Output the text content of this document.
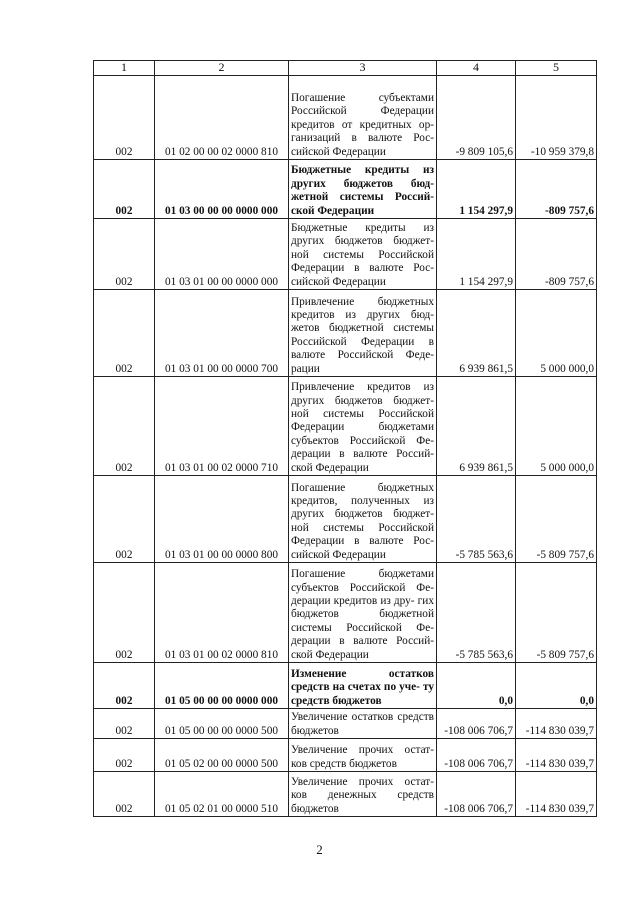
1	2	3	4	5
002	01 02 00 00 02 0000 810	Погашение субъектами Российской Федерации кредитов от кредитных ор- ганизаций в валюте Рос- сийской Федерации	-9 809 105,6	-10 959 379,8
002	01 03 00 00 00 0000 000	Бюджетные кредиты из других бюджетов бюд- жетной системы Россий- ской Федерации	1 154 297,9	-809 757,6
002	01 03 01 00 00 0000 000	Бюджетные кредиты из других бюджетов бюджет- ной системы Российской Федерации в валюте Рос- сийской Федерации	1 154 297,9	-809 757,6
002	01 03 01 00 00 0000 700	Привлечение бюджетных кредитов из других бюд- жетов бюджетной системы Российской Федерации в валюте Российской Феде- рации	6 939 861,5	5 000 000,0
002	01 03 01 00 02 0000 710	Привлечение кредитов из других бюджетов бюджет- ной системы Российской Федерации бюджетами субъектов Российской Фе- дерации в валюте Россий- ской Федерации	6 939 861,5	5 000 000,0
002	01 03 01 00 00 0000 800	Погашение бюджетных кредитов, полученных из других бюджетов бюджет- ной системы Российской Федерации в валюте Рос- сийской Федерации	-5 785 563,6	-5 809 757,6
002	01 03 01 00 02 0000 810	Погашение бюджетами субъектов Российской Фе- дерации кредитов из дру- гих бюджетов бюджетной системы Российской Фе- дерации в валюте Россий- ской Федерации	-5 785 563,6	-5 809 757,6
002	01 05 00 00 00 0000 000	Изменение остатков средств на счетах по уче- ту средств бюджетов	0,0	0,0
002	01 05 00 00 00 0000 500	Увеличение остатков средств бюджетов	-108 006 706,7	-114 830 039,7
002	01 05 02 00 00 0000 500	Увеличение прочих остат- ков средств бюджетов	-108 006 706,7	-114 830 039,7
002	01 05 02 01 00 0000 510	Увеличение прочих остат- ков денежных средств бюджетов	-108 006 706,7	-114 830 039,7
2
